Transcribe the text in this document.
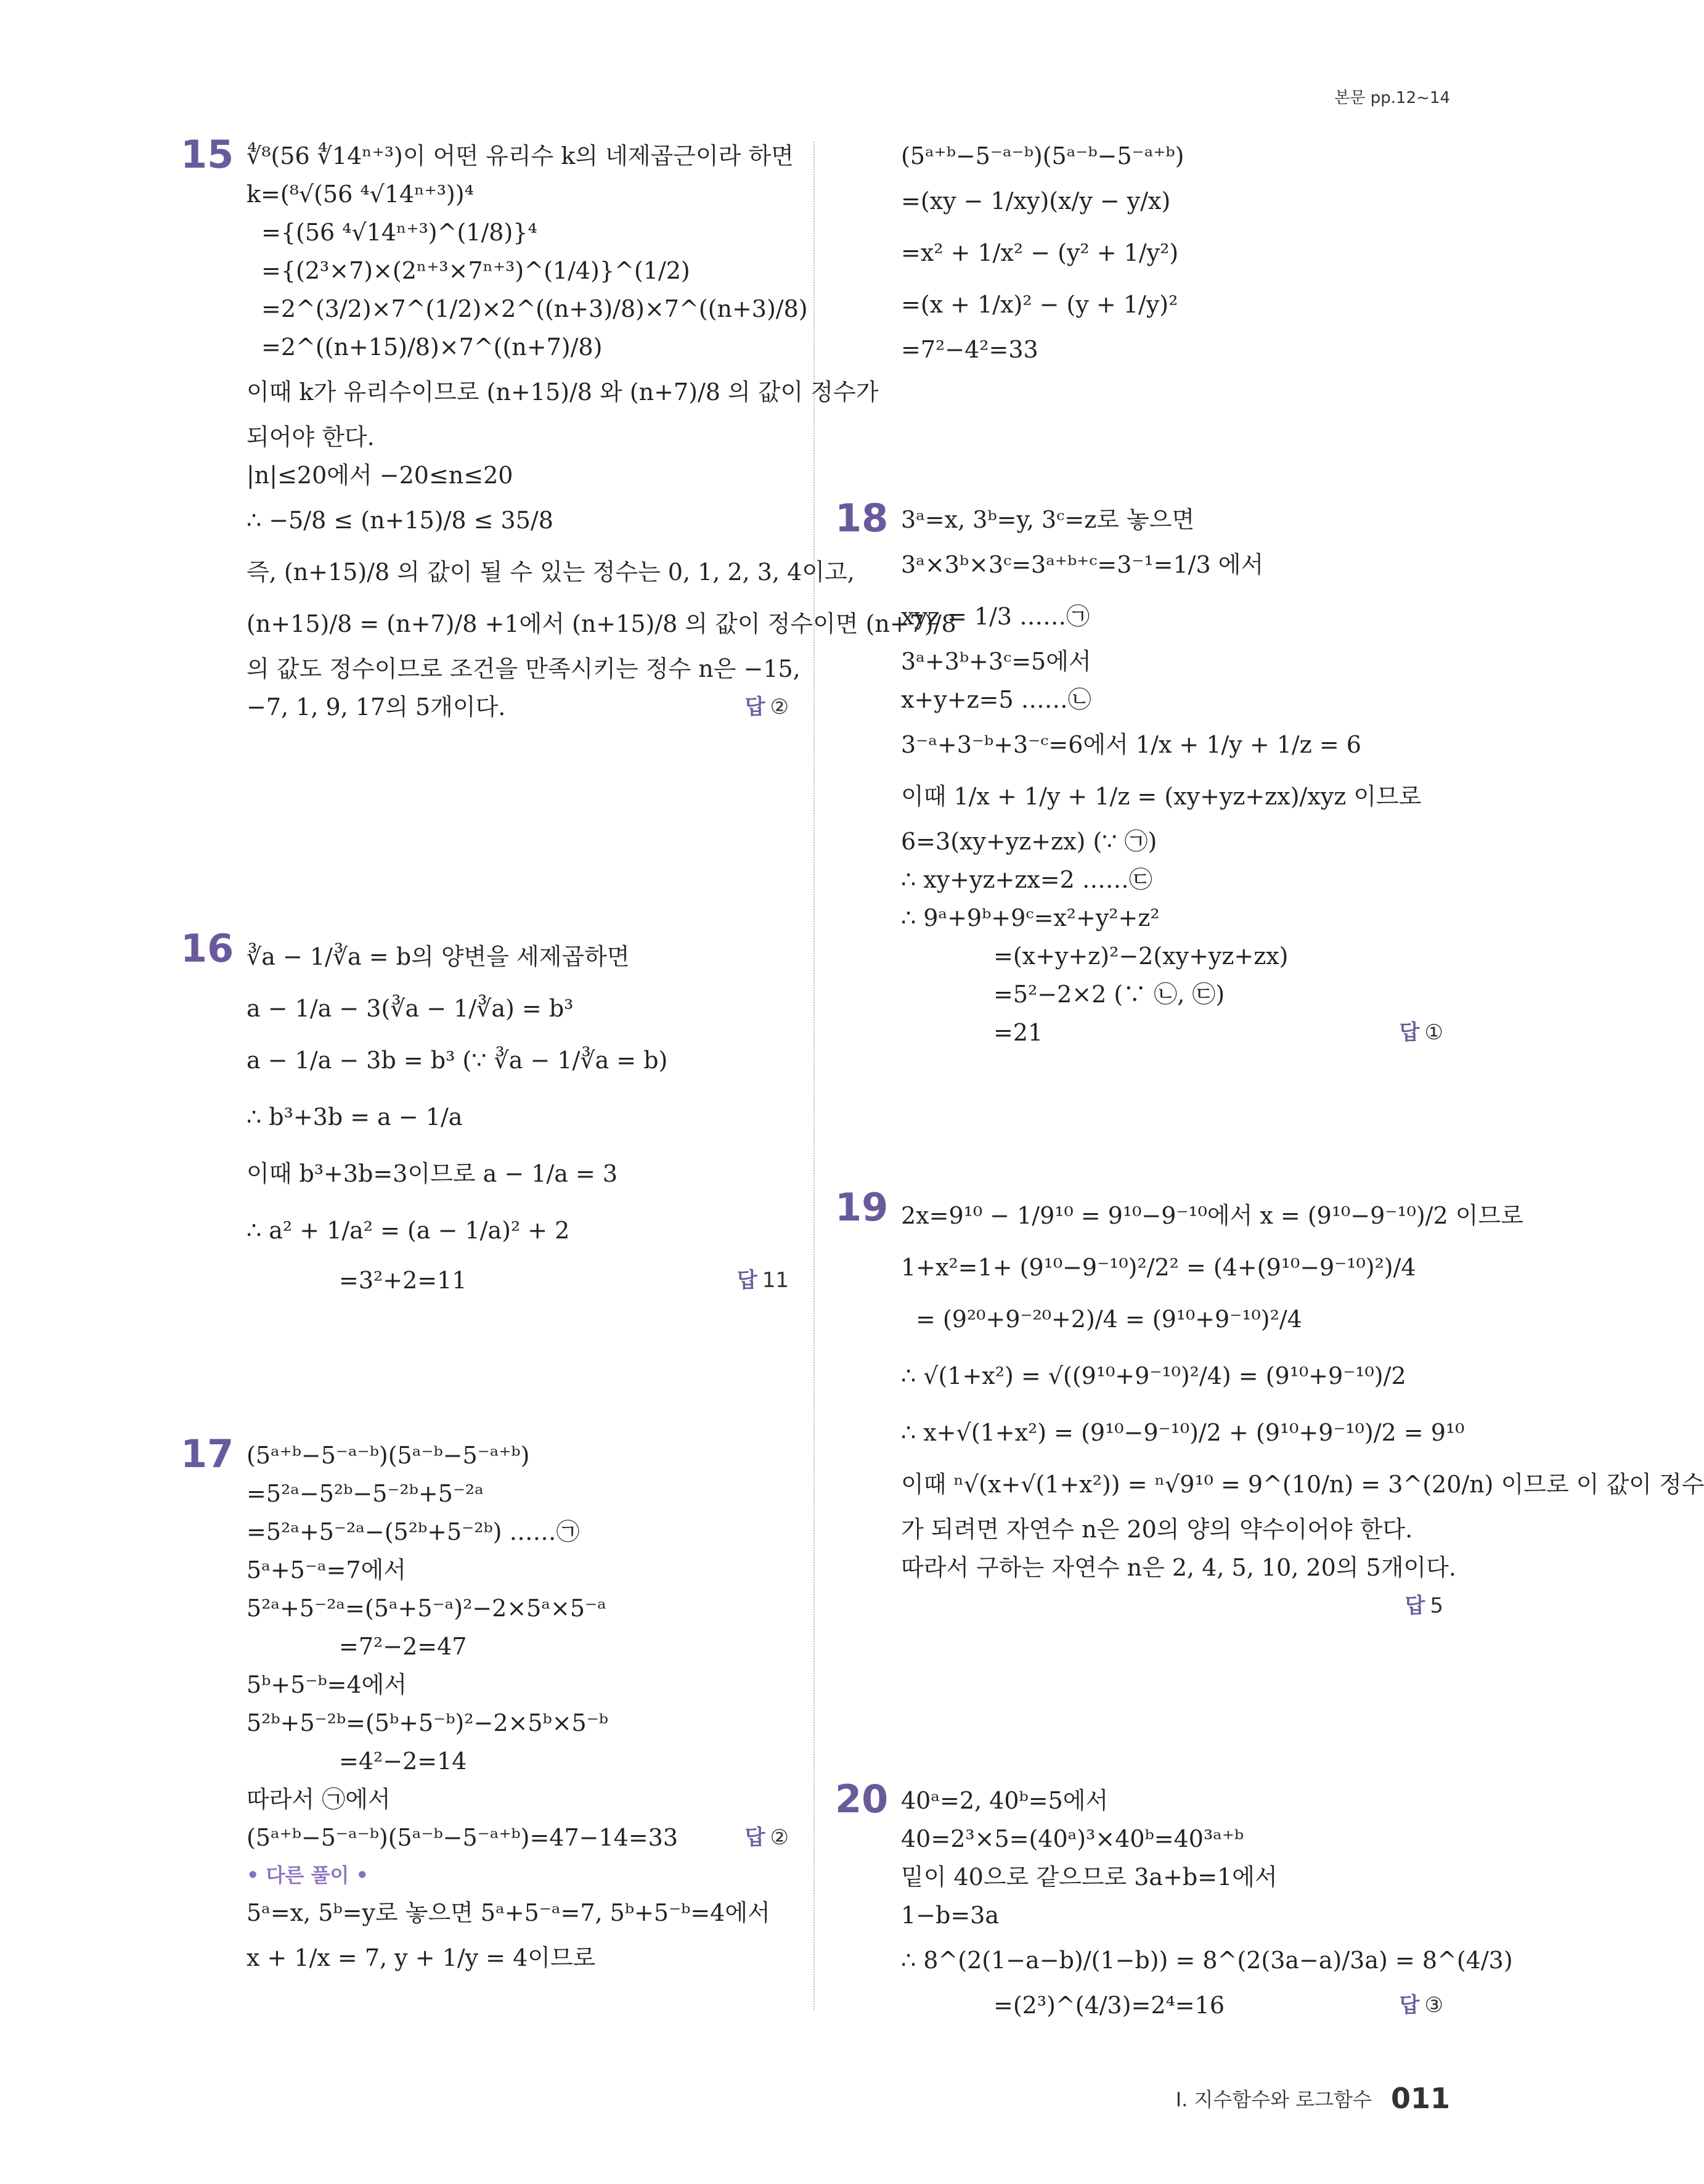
본문 pp.12~14
15 ∜⁸(56 ∜14ⁿ⁺³)이 어떤 유리수 k의 네제곱근이라 하면
k=(⁸√(56 ⁴√14ⁿ⁺³))⁴
={(56 ⁴√14ⁿ⁺³)^(1/8)}⁴
={(2³×7)×(2ⁿ⁺³×7ⁿ⁺³)^(1/4)}^(1/2)
=2^(3/2)×7^(1/2)×2^((n+3)/8)×7^((n+3)/8)
=2^((n+15)/8)×7^((n+7)/8)
이때 k가 유리수이므로 (n+15)/8 와 (n+7)/8 의 값이 정수가
되어야 한다.
|n|≤20에서 −20≤n≤20
∴ −5/8 ≤ (n+15)/8 ≤ 35/8
즉, (n+15)/8 의 값이 될 수 있는 정수는 0, 1, 2, 3, 4이고,
(n+15)/8 = (n+7)/8 +1에서 (n+15)/8 의 값이 정수이면 (n+7)/8
의 값도 정수이므로 조건을 만족시키는 정수 n은 −15,
−7, 1, 9, 17의 5개이다.	답 ②
16 ∛a − 1/∛a = b의 양변을 세제곱하면
a − 1/a − 3(∛a − 1/∛a) = b³
a − 1/a − 3b = b³ (∵ ∛a − 1/∛a = b)
∴ b³+3b = a − 1/a
이때 b³+3b=3이므로 a − 1/a = 3
∴ a² + 1/a² = (a − 1/a)² + 2
=3²+2=11	답 11
17 (5ᵃ⁺ᵇ−5⁻ᵃ⁻ᵇ)(5ᵃ⁻ᵇ−5⁻ᵃ⁺ᵇ)
=5²ᵃ−5²ᵇ−5⁻²ᵇ+5⁻²ᵃ
=5²ᵃ+5⁻²ᵃ−(5²ᵇ+5⁻²ᵇ) ……㉠
5ᵃ+5⁻ᵃ=7에서
5²ᵃ+5⁻²ᵃ=(5ᵃ+5⁻ᵃ)²−2×5ᵃ×5⁻ᵃ
=7²−2=47
5ᵇ+5⁻ᵇ=4에서
5²ᵇ+5⁻²ᵇ=(5ᵇ+5⁻ᵇ)²−2×5ᵇ×5⁻ᵇ
=4²−2=14
따라서 ㉠에서
(5ᵃ⁺ᵇ−5⁻ᵃ⁻ᵇ)(5ᵃ⁻ᵇ−5⁻ᵃ⁺ᵇ)=47−14=33	답 ②
• 다른 풀이 •
5ᵃ=x, 5ᵇ=y로 놓으면 5ᵃ+5⁻ᵃ=7, 5ᵇ+5⁻ᵇ=4에서
x + 1/x = 7, y + 1/y = 4이므로
(5ᵃ⁺ᵇ−5⁻ᵃ⁻ᵇ)(5ᵃ⁻ᵇ−5⁻ᵃ⁺ᵇ)
=(xy − 1/xy)(x/y − y/x)
=x² + 1/x² − (y² + 1/y²)
=(x + 1/x)² − (y + 1/y)²
=7²−4²=33
18 3ᵃ=x, 3ᵇ=y, 3ᶜ=z로 놓으면
3ᵃ×3ᵇ×3ᶜ=3ᵃ⁺ᵇ⁺ᶜ=3⁻¹=1/3 에서
xyz = 1/3 ……㉠
3ᵃ+3ᵇ+3ᶜ=5에서
x+y+z=5 ……㉡
3⁻ᵃ+3⁻ᵇ+3⁻ᶜ=6에서 1/x + 1/y + 1/z = 6
이때 1/x + 1/y + 1/z = (xy+yz+zx)/xyz 이므로
6=3(xy+yz+zx) (∵ ㉠)
∴ xy+yz+zx=2 ……㉢
∴ 9ᵃ+9ᵇ+9ᶜ=x²+y²+z²
=(x+y+z)²−2(xy+yz+zx)
=5²−2×2 (∵ ㉡, ㉢)
=21	답 ①
19 2x=9¹⁰ − 1/9¹⁰ = 9¹⁰−9⁻¹⁰에서 x = (9¹⁰−9⁻¹⁰)/2 이므로
1+x²=1+ (9¹⁰−9⁻¹⁰)²/2² = (4+(9¹⁰−9⁻¹⁰)²)/4
= (9²⁰+9⁻²⁰+2)/4 = (9¹⁰+9⁻¹⁰)²/4
∴ √(1+x²) = √((9¹⁰+9⁻¹⁰)²/4) = (9¹⁰+9⁻¹⁰)/2
∴ x+√(1+x²) = (9¹⁰−9⁻¹⁰)/2 + (9¹⁰+9⁻¹⁰)/2 = 9¹⁰
이때 ⁿ√(x+√(1+x²)) = ⁿ√9¹⁰ = 9^(10/n) = 3^(20/n) 이므로 이 값이 정수
가 되려면 자연수 n은 20의 양의 약수이어야 한다.
따라서 구하는 자연수 n은 2, 4, 5, 10, 20의 5개이다.
답 5
20 40ᵃ=2, 40ᵇ=5에서
40=2³×5=(40ᵃ)³×40ᵇ=40³ᵃ⁺ᵇ
밑이 40으로 같으므로 3a+b=1에서
1−b=3a
∴ 8^(2(1−a−b)/(1−b)) = 8^(2(3a−a)/3a) = 8^(4/3)
=(2³)^(4/3)=2⁴=16	답 ③
Ⅰ. 지수함수와 로그함수 011
